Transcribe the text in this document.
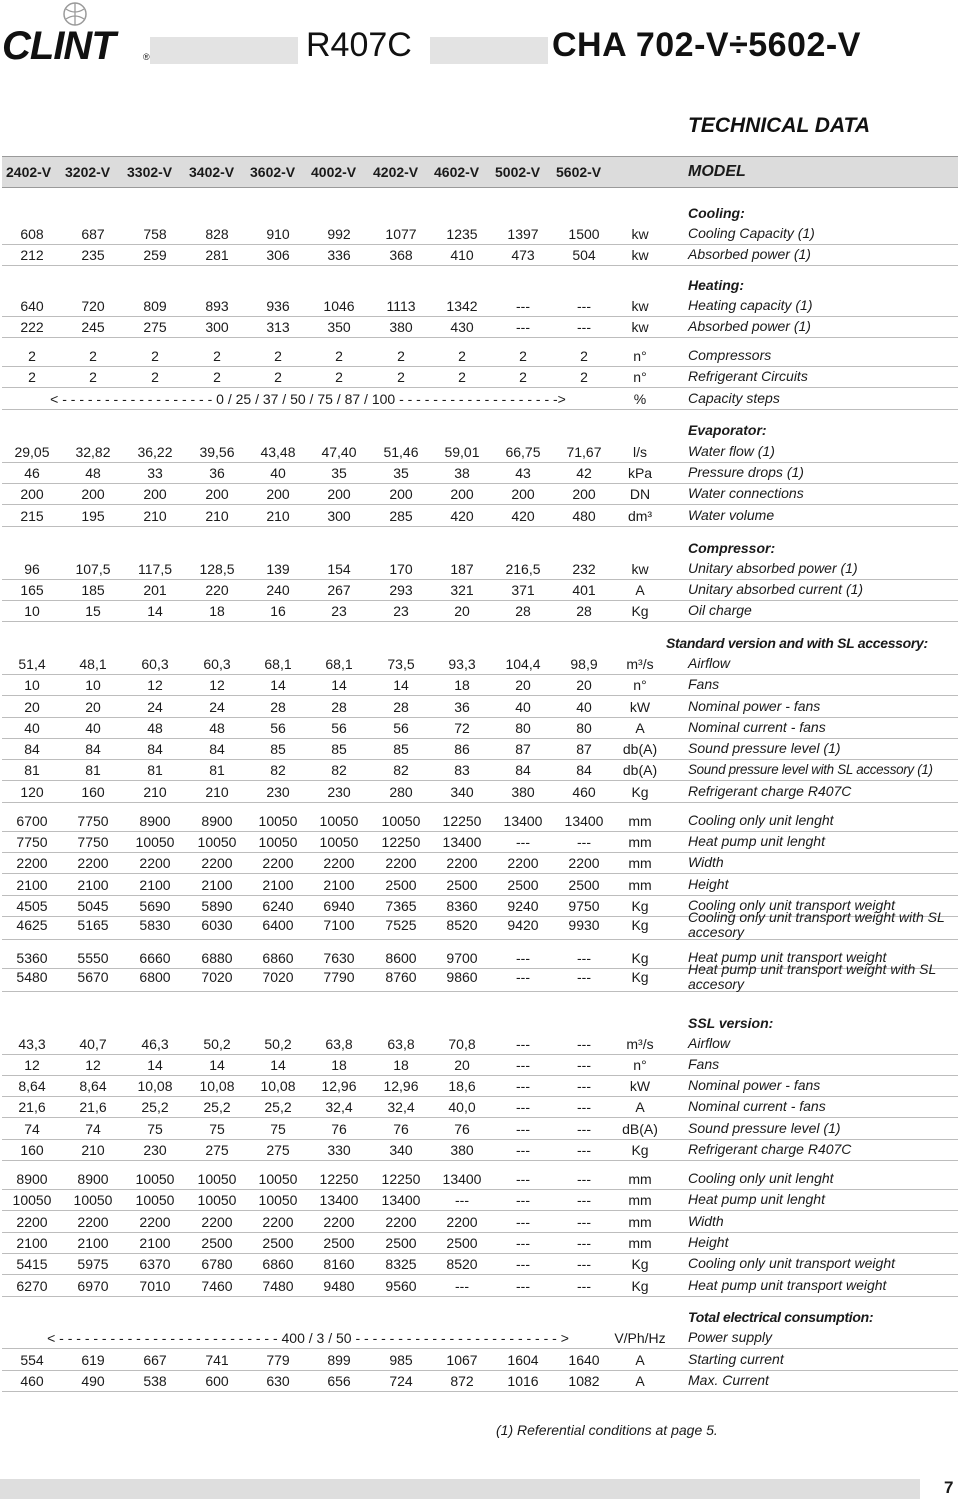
CLINT	®	R407C	CHA 702-V÷5602-V
TECHNICAL DATA
MODEL
2402-V 3202-V 3302-V 3402-V 3602-V 4002-V 4202-V 4602-V 5002-V 5602-V
Cooling:
Heating:
Evaporator:
Compressor:
Standard version and with SL accessory:
SSL version:
Total electrical consumption:
608	687	758	828	910	992	1077	1235	1397	1500	kw	Cooling Capacity (1)
212	235	259	281	306	336	368	410	473	504	kw	Absorbed power (1)
640	720	809	893	936	1046	1113	1342	---	---	kw	Heating capacity (1)
222	245	275	300	313	350	380	430	---	---	kw	Absorbed power (1)
2	2	2	2	2	2	2	2	2	2	n°	Compressors
2	2	2	2	2	2	2	2	2	2	n°	Refrigerant Circuits
< - - - - - - - - - - - - - - - - - - 0 / 25 / 37 / 50 / 75 / 87 / 100 - - - - - - - - - - - - - - - - - - ->	%	Capacity steps
29,05	32,82	36,22	39,56	43,48	47,40	51,46	59,01	66,75	71,67	l/s	Water flow (1)
46	48	33	36	40	35	35	38	43	42	kPa	Pressure drops (1)
200	200	200	200	200	200	200	200	200	200	DN	Water connections
215	195	210	210	210	300	285	420	420	480	dm³	Water volume
96	107,5	117,5	128,5	139	154	170	187	216,5	232	kw	Unitary absorbed power (1)
165	185	201	220	240	267	293	321	371	401	A	Unitary absorbed current (1)
10	15	14	18	16	23	23	20	28	28	Kg	Oil charge
51,4	48,1	60,3	60,3	68,1	68,1	73,5	93,3	104,4	98,9	m³/s	Airflow
10	10	12	12	14	14	14	18	20	20	n°	Fans
20	20	24	24	28	28	28	36	40	40	kW	Nominal power - fans
40	40	48	48	56	56	56	72	80	80	A	Nominal current - fans
84	84	84	84	85	85	85	86	87	87	db(A)	Sound pressure level (1)
81	81	81	81	82	82	82	83	84	84	db(A)	Sound pressure level with SL accessory (1)
120	160	210	210	230	230	280	340	380	460	Kg	Refrigerant charge R407C
6700	7750	8900	8900	10050	10050	10050	12250	13400	13400	mm	Cooling only unit lenght
7750	7750	10050	10050	10050	10050	12250	13400	---	---	mm	Heat pump unit lenght
2200	2200	2200	2200	2200	2200	2200	2200	2200	2200	mm	Width
2100	2100	2100	2100	2100	2100	2500	2500	2500	2500	mm	Height
4505	5045	5690	5890	6240	6940	7365	8360	9240	9750	Kg	Cooling only unit transport weight
4625	5165	5830	6030	6400	7100	7525	8520	9420	9930	Kg	Cooling only unit transport weight with SL accesory
5360	5550	6660	6880	6860	7630	8600	9700	---	---	Kg	Heat pump unit transport weight
5480	5670	6800	7020	7020	7790	8760	9860	---	---	Kg	Heat pump unit transport weight with SL accesory
43,3	40,7	46,3	50,2	50,2	63,8	63,8	70,8	---	---	m³/s	Airflow
12	12	14	14	14	18	18	20	---	---	n°	Fans
8,64	8,64	10,08	10,08	10,08	12,96	12,96	18,6	---	---	kW	Nominal power - fans
21,6	21,6	25,2	25,2	25,2	32,4	32,4	40,0	---	---	A	Nominal current - fans
74	74	75	75	75	76	76	76	---	---	dB(A)	Sound pressure level (1)
160	210	230	275	275	330	340	380	---	---	Kg	Refrigerant charge R407C
8900	8900	10050	10050	10050	12250	12250	13400	---	---	mm	Cooling only unit lenght
10050	10050	10050	10050	10050	13400	13400	---	---	---	mm	Heat pump unit lenght
2200	2200	2200	2200	2200	2200	2200	2200	---	---	mm	Width
2100	2100	2100	2500	2500	2500	2500	2500	---	---	mm	Height
5415	5975	6370	6780	6860	8160	8325	8520	---	---	Kg	Cooling only unit transport weight
6270	6970	7010	7460	7480	9480	9560	---	---	---	Kg	Heat pump unit transport weight
< - - - - - - - - - - - - - - - - - - - - - - - - - - 400 / 3 / 50 - - - - - - - - - - - - - - - - - - - - - - - - >	V/Ph/Hz	Power supply
554	619	667	741	779	899	985	1067	1604	1640	A	Starting current
460	490	538	600	630	656	724	872	1016	1082	A	Max. Current
(1) Referential conditions at page 5.
7
